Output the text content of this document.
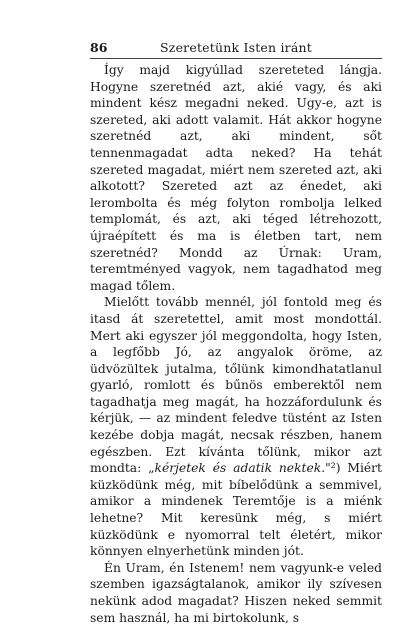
86	Szeretetünk Isten iránt

Így majd kigyúllad szereteted lángja. Hogyne szeretnéd azt, akié vagy, és aki mindent kész megadni neked. Ugy-e, azt is szereted, aki adott valamit. Hát akkor hogyne szeretnéd azt, aki mindent, sőt tennenmagadat adta neked? Ha tehát szereted magadat, miért nem szereted azt, aki alkotott? Szereted azt az énedet, aki lerombolta és még folyton rombolja lelked templomát, és azt, aki téged létrehozott, újraépített és ma is életben tart, nem szeretnéd? Mondd az Úrnak: Uram, teremtményed vagyok, nem tagadhatod meg magad tőlem.

Mielőtt tovább mennél, jól fontold meg és itasd át szeretettel, amit most mondottál. Mert aki egyszer jól meggondolta, hogy Isten, a legfőbb Jó, az angyalok öröme, az üdvözültek jutalma, tőlünk kimondhatatlanul gyarló, romlott és bűnös emberektől nem tagadhatja meg magát, ha hozzáfordulunk és kérjük, — az mindent feledve tüstént az Isten kezébe dobja magát, necsak részben, hanem egészben. Ezt kívánta tőlünk, mikor azt mondta: „kérjetek és adatik nektek."²) Miért küzködünk még, mit bíbelődünk a semmivel, amikor a mindenek Teremtője is a miénk lehetne? Mit keresünk még, s miért küzködünk e nyomorral telt életért, mikor könnyen elnyerhetünk minden jót.

Én Uram, én Istenem! nem vagyunk-e veled szemben igazságtalanok, amikor ily szívesen nekünk adod magadat? Hiszen neked semmit sem használ, ha mi birtokolunk, s
